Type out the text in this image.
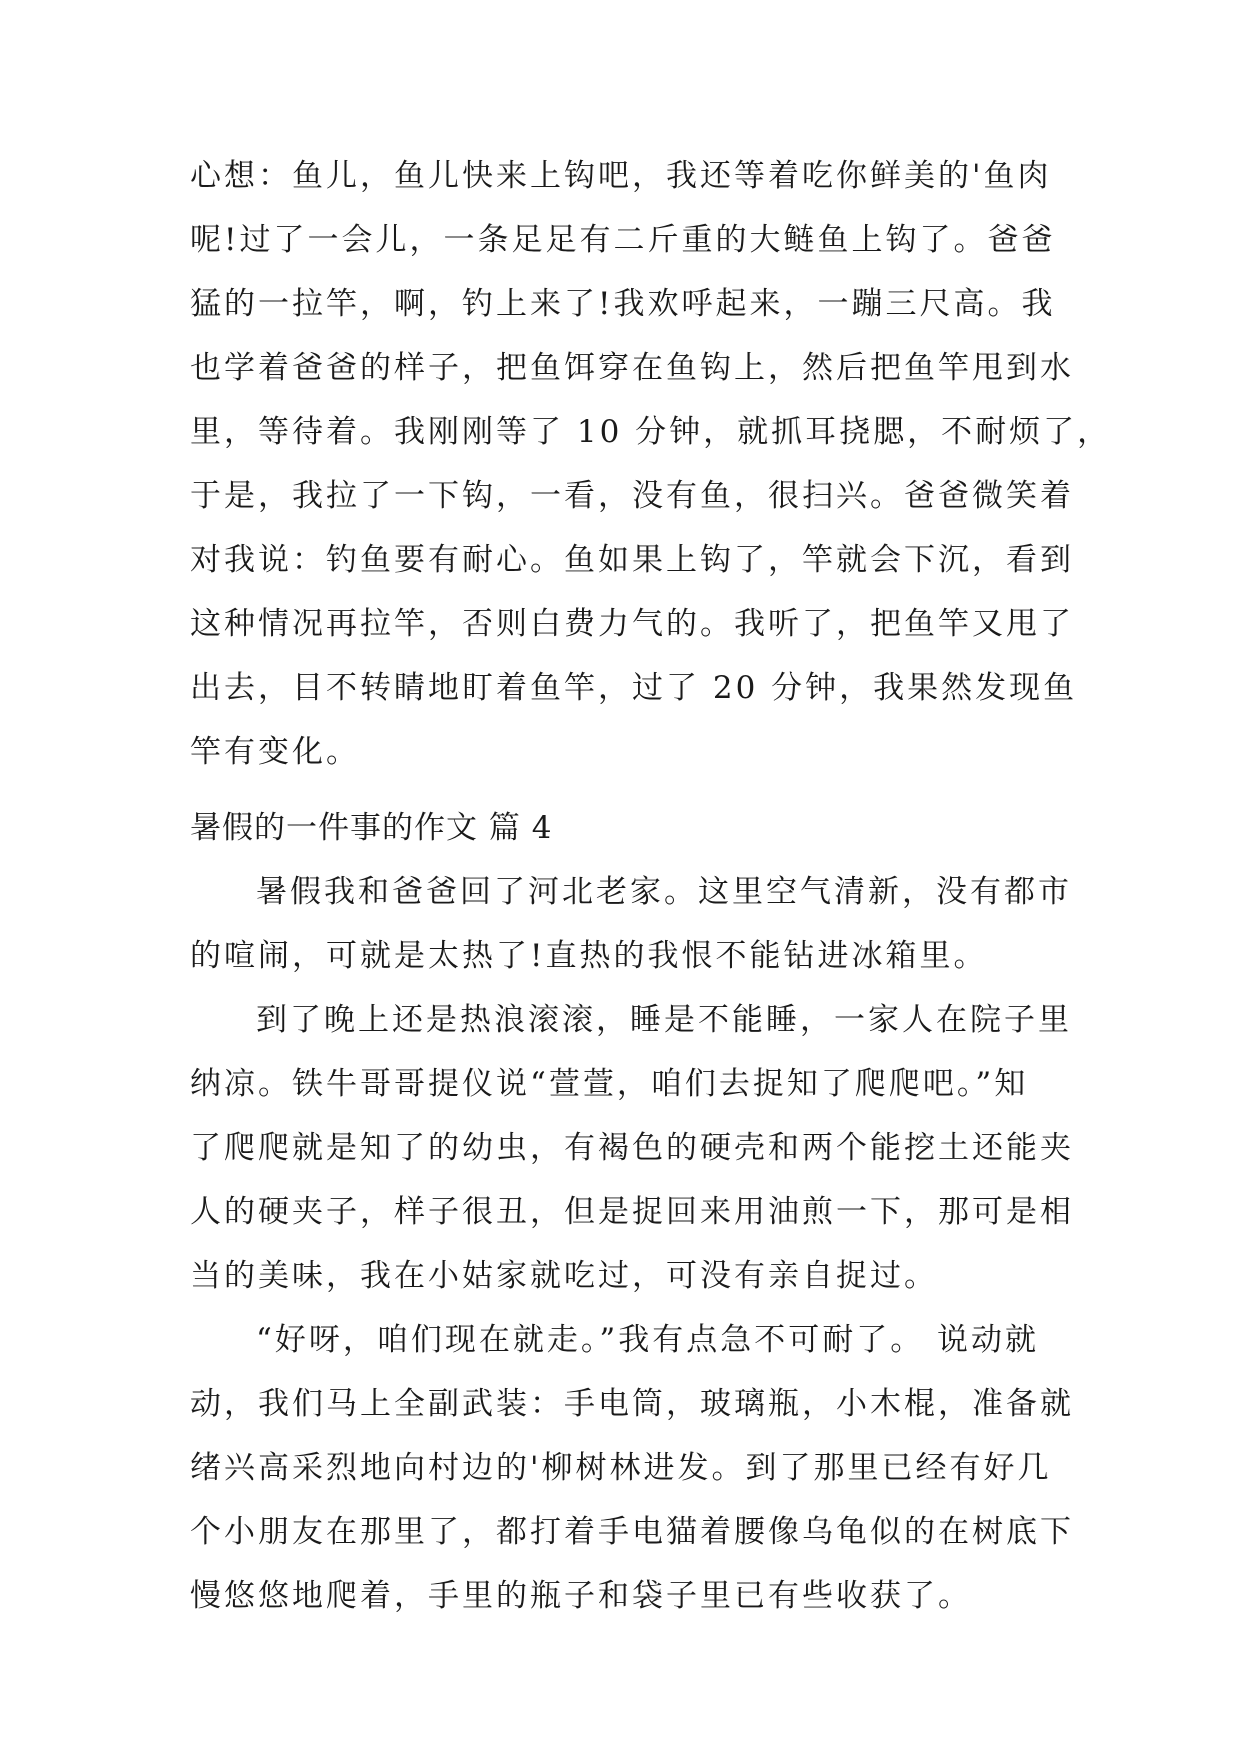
心想：鱼儿，鱼儿快来上钩吧，我还等着吃你鲜美的'鱼肉
呢!过了一会儿，一条足足有二斤重的大鲢鱼上钩了。爸爸
猛的一拉竿，啊，钓上来了!我欢呼起来，一蹦三尺高。我
也学着爸爸的样子，把鱼饵穿在鱼钩上，然后把鱼竿甩到水
里，等待着。我刚刚等了 10 分钟，就抓耳挠腮，不耐烦了，
于是，我拉了一下钩，一看，没有鱼，很扫兴。爸爸微笑着
对我说：钓鱼要有耐心。鱼如果上钩了，竿就会下沉，看到
这种情况再拉竿，否则白费力气的。我听了，把鱼竿又甩了
出去，目不转睛地盯着鱼竿，过了 20 分钟，我果然发现鱼
竿有变化。
暑假的一件事的作文 篇 4
暑假我和爸爸回了河北老家。这里空气清新，没有都市
的喧闹，可就是太热了!直热的我恨不能钻进冰箱里。
到了晚上还是热浪滚滚，睡是不能睡，一家人在院子里
纳凉。铁牛哥哥提仪说“萱萱，咱们去捉知了爬爬吧。”知
了爬爬就是知了的幼虫，有褐色的硬壳和两个能挖土还能夹
人的硬夹子，样子很丑，但是捉回来用油煎一下，那可是相
当的美味，我在小姑家就吃过，可没有亲自捉过。
“好呀，咱们现在就走。”我有点急不可耐了。 说动就
动，我们马上全副武装：手电筒，玻璃瓶，小木棍，准备就
绪兴高采烈地向村边的'柳树林进发。到了那里已经有好几
个小朋友在那里了，都打着手电猫着腰像乌龟似的在树底下
慢悠悠地爬着，手里的瓶子和袋子里已有些收获了。
